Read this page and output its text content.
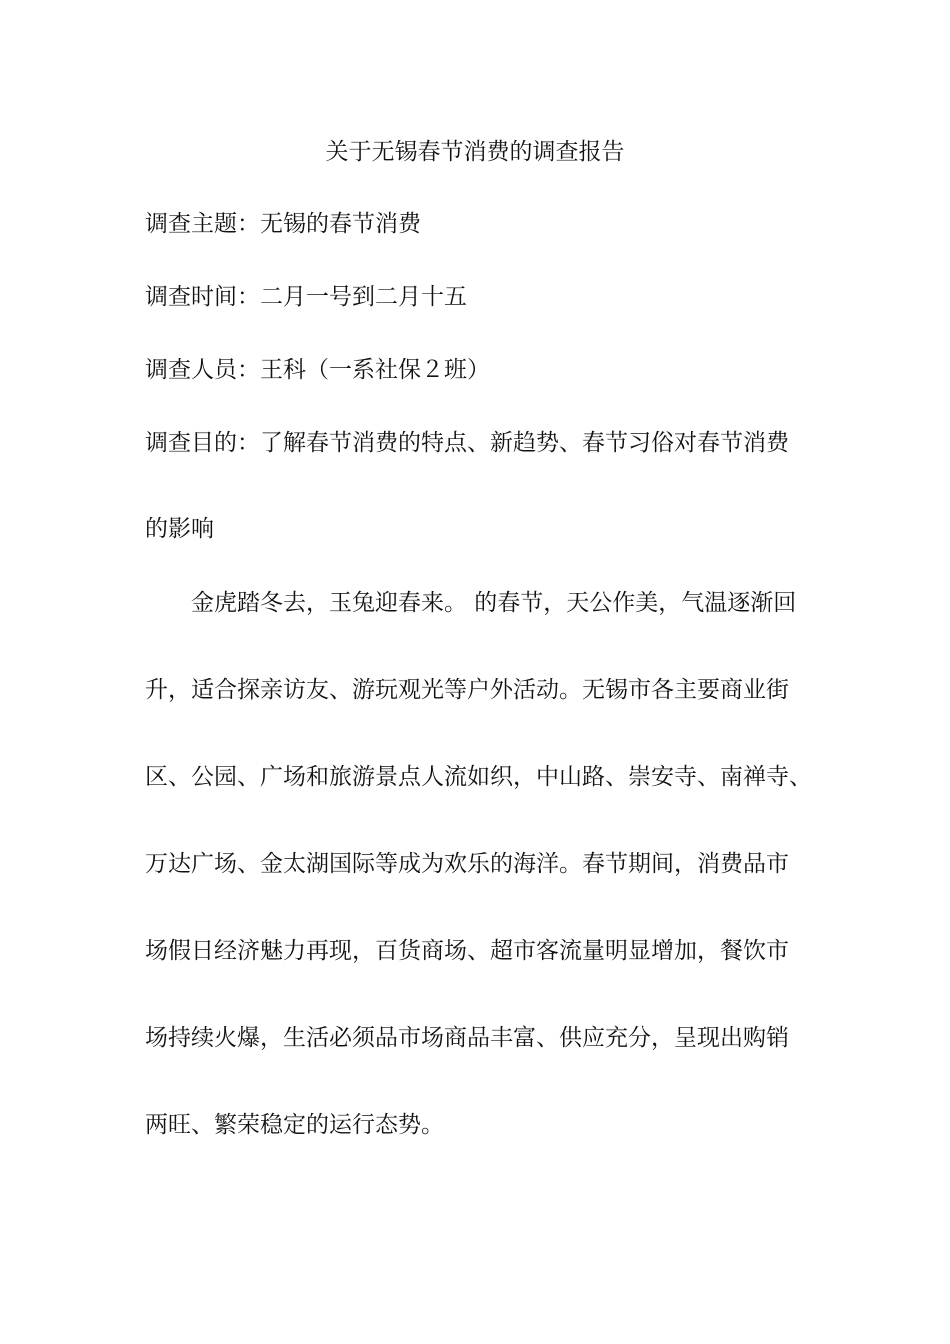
关于无锡春节消费的调查报告
调查主题：无锡的春节消费
调查时间：二月一号到二月十五
调查人员：王科（一系社保２班）
调查目的：了解春节消费的特点、新趋势、春节习俗对春节消费
的影响
金虎踏冬去，玉兔迎春来。 的春节，天公作美，气温逐渐回
升，适合探亲访友、游玩观光等户外活动。无锡市各主要商业街
区、公园、广场和旅游景点人流如织，中山路、崇安寺、南禅寺、
万达广场、金太湖国际等成为欢乐的海洋。春节期间，消费品市
场假日经济魅力再现，百货商场、超市客流量明显增加，餐饮市
场持续火爆，生活必须品市场商品丰富、供应充分，呈现出购销
两旺、繁荣稳定的运行态势。
